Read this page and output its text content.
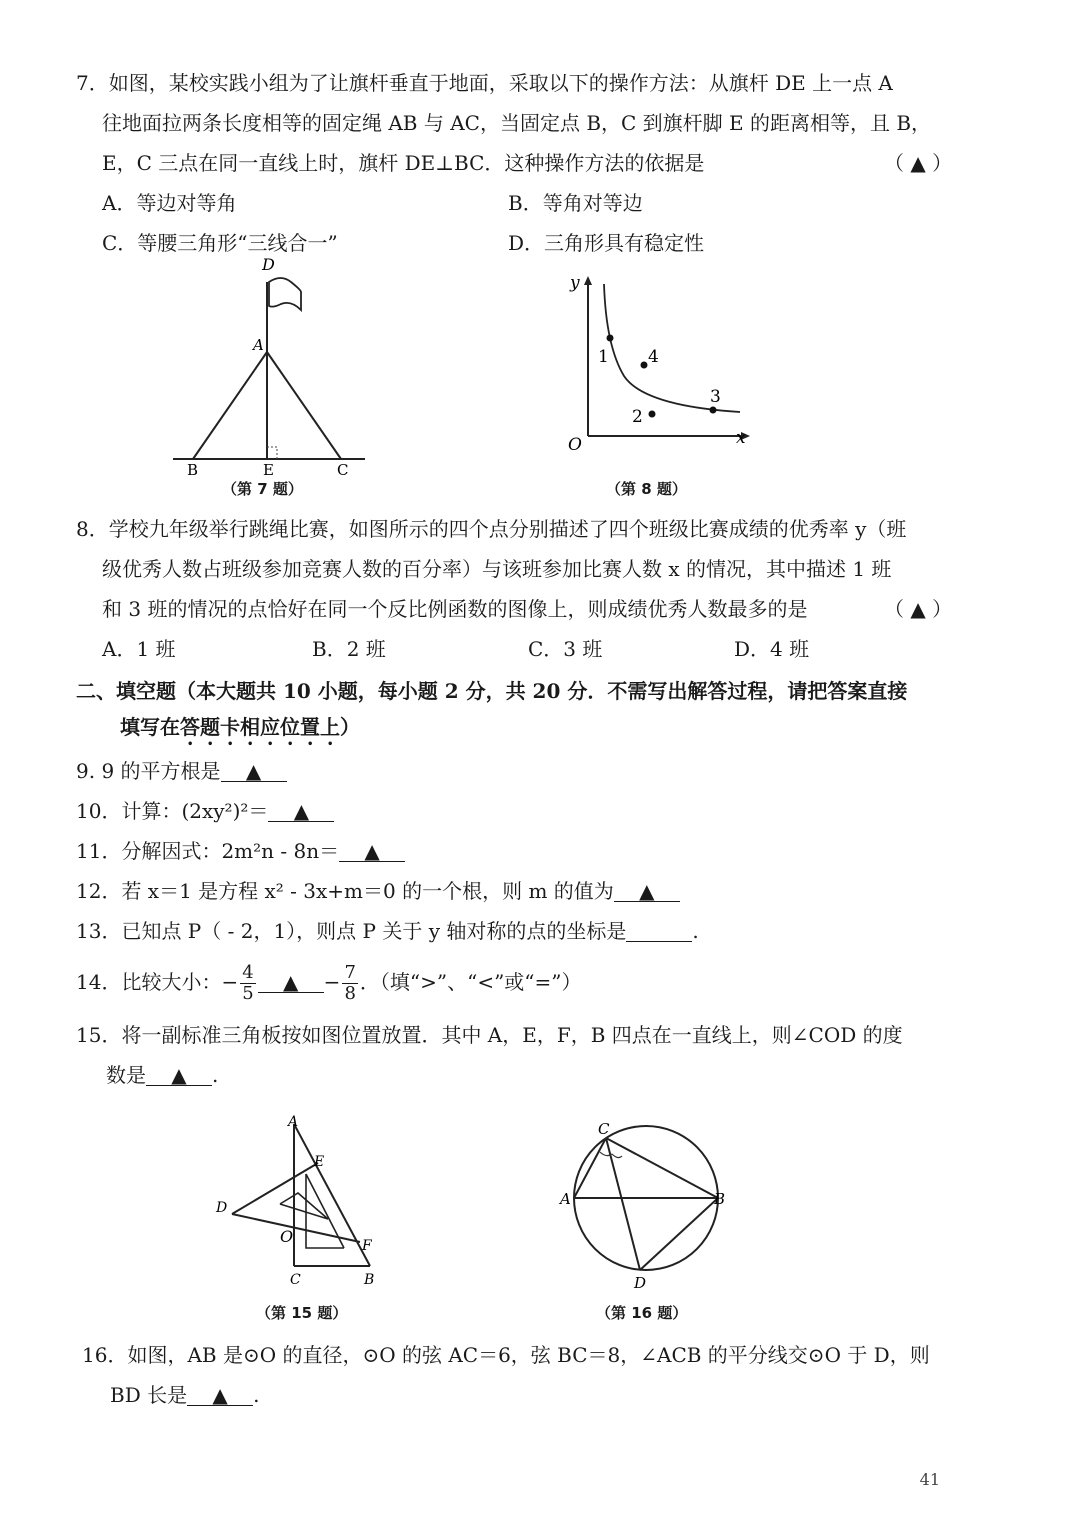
7．如图，某校实践小组为了让旗杆垂直于地面，采取以下的操作方法：从旗杆 DE 上一点 A
往地面拉两条长度相等的固定绳 AB 与 AC，当固定点 B，C 到旗杆脚 E 的距离相等，且 B，
E，C 三点在同一直线上时，旗杆 DE⊥BC．这种操作方法的依据是	（ ▲ ）
A．等边对等角	B．等角对等边
C．等腰三角形“三线合一”	D．三角形具有稳定性
D
A
B	E	C
（第 7 题）
y
x
O
1 4
2
3
（第 8 题）
8．学校九年级举行跳绳比赛，如图所示的四个点分别描述了四个班级比赛成绩的优秀率 y（班
级优秀人数占班级参加竞赛人数的百分率）与该班参加比赛人数 x 的情况，其中描述 1 班
和 3 班的情况的点恰好在同一个反比例函数的图像上，则成绩优秀人数最多的是	（ ▲ ）
A．1 班	B．2 班	C．3 班	D．4 班
二、填空题（本大题共 10 小题，每小题 2 分，共 20 分．不需写出解答过程，请把答案直接
填写在答题卡相应位置上）
9. 9 的平方根是 ▲
10．计算：(2xy²)²＝ ▲
11．分解因式：2m²n - 8n＝ ▲
12．若 x＝1 是方程 x² - 3x+m＝0 的一个根，则 m 的值为 ▲
13．已知点 P（ - 2，1），则点 P 关于 y 轴对称的点的坐标是	.
14．比较大小：− $\frac{4}{5}$ ▲ − $\frac{7}{8}$ ．（填“>”、“<”或“=”）
15．将一副标准三角板按如图位置放置．其中 A，E，F，B 四点在一直线上，则∠COD 的度
数是 ▲ .
A
E
D
O	F
C	B
（第 15 题）
C
A	B
D
（第 16 题）
16．如图，AB 是⊙O 的直径，⊙O 的弦 AC＝6，弦 BC＝8，∠ACB 的平分线交⊙O 于 D，则
BD 长是 ▲ .
41
